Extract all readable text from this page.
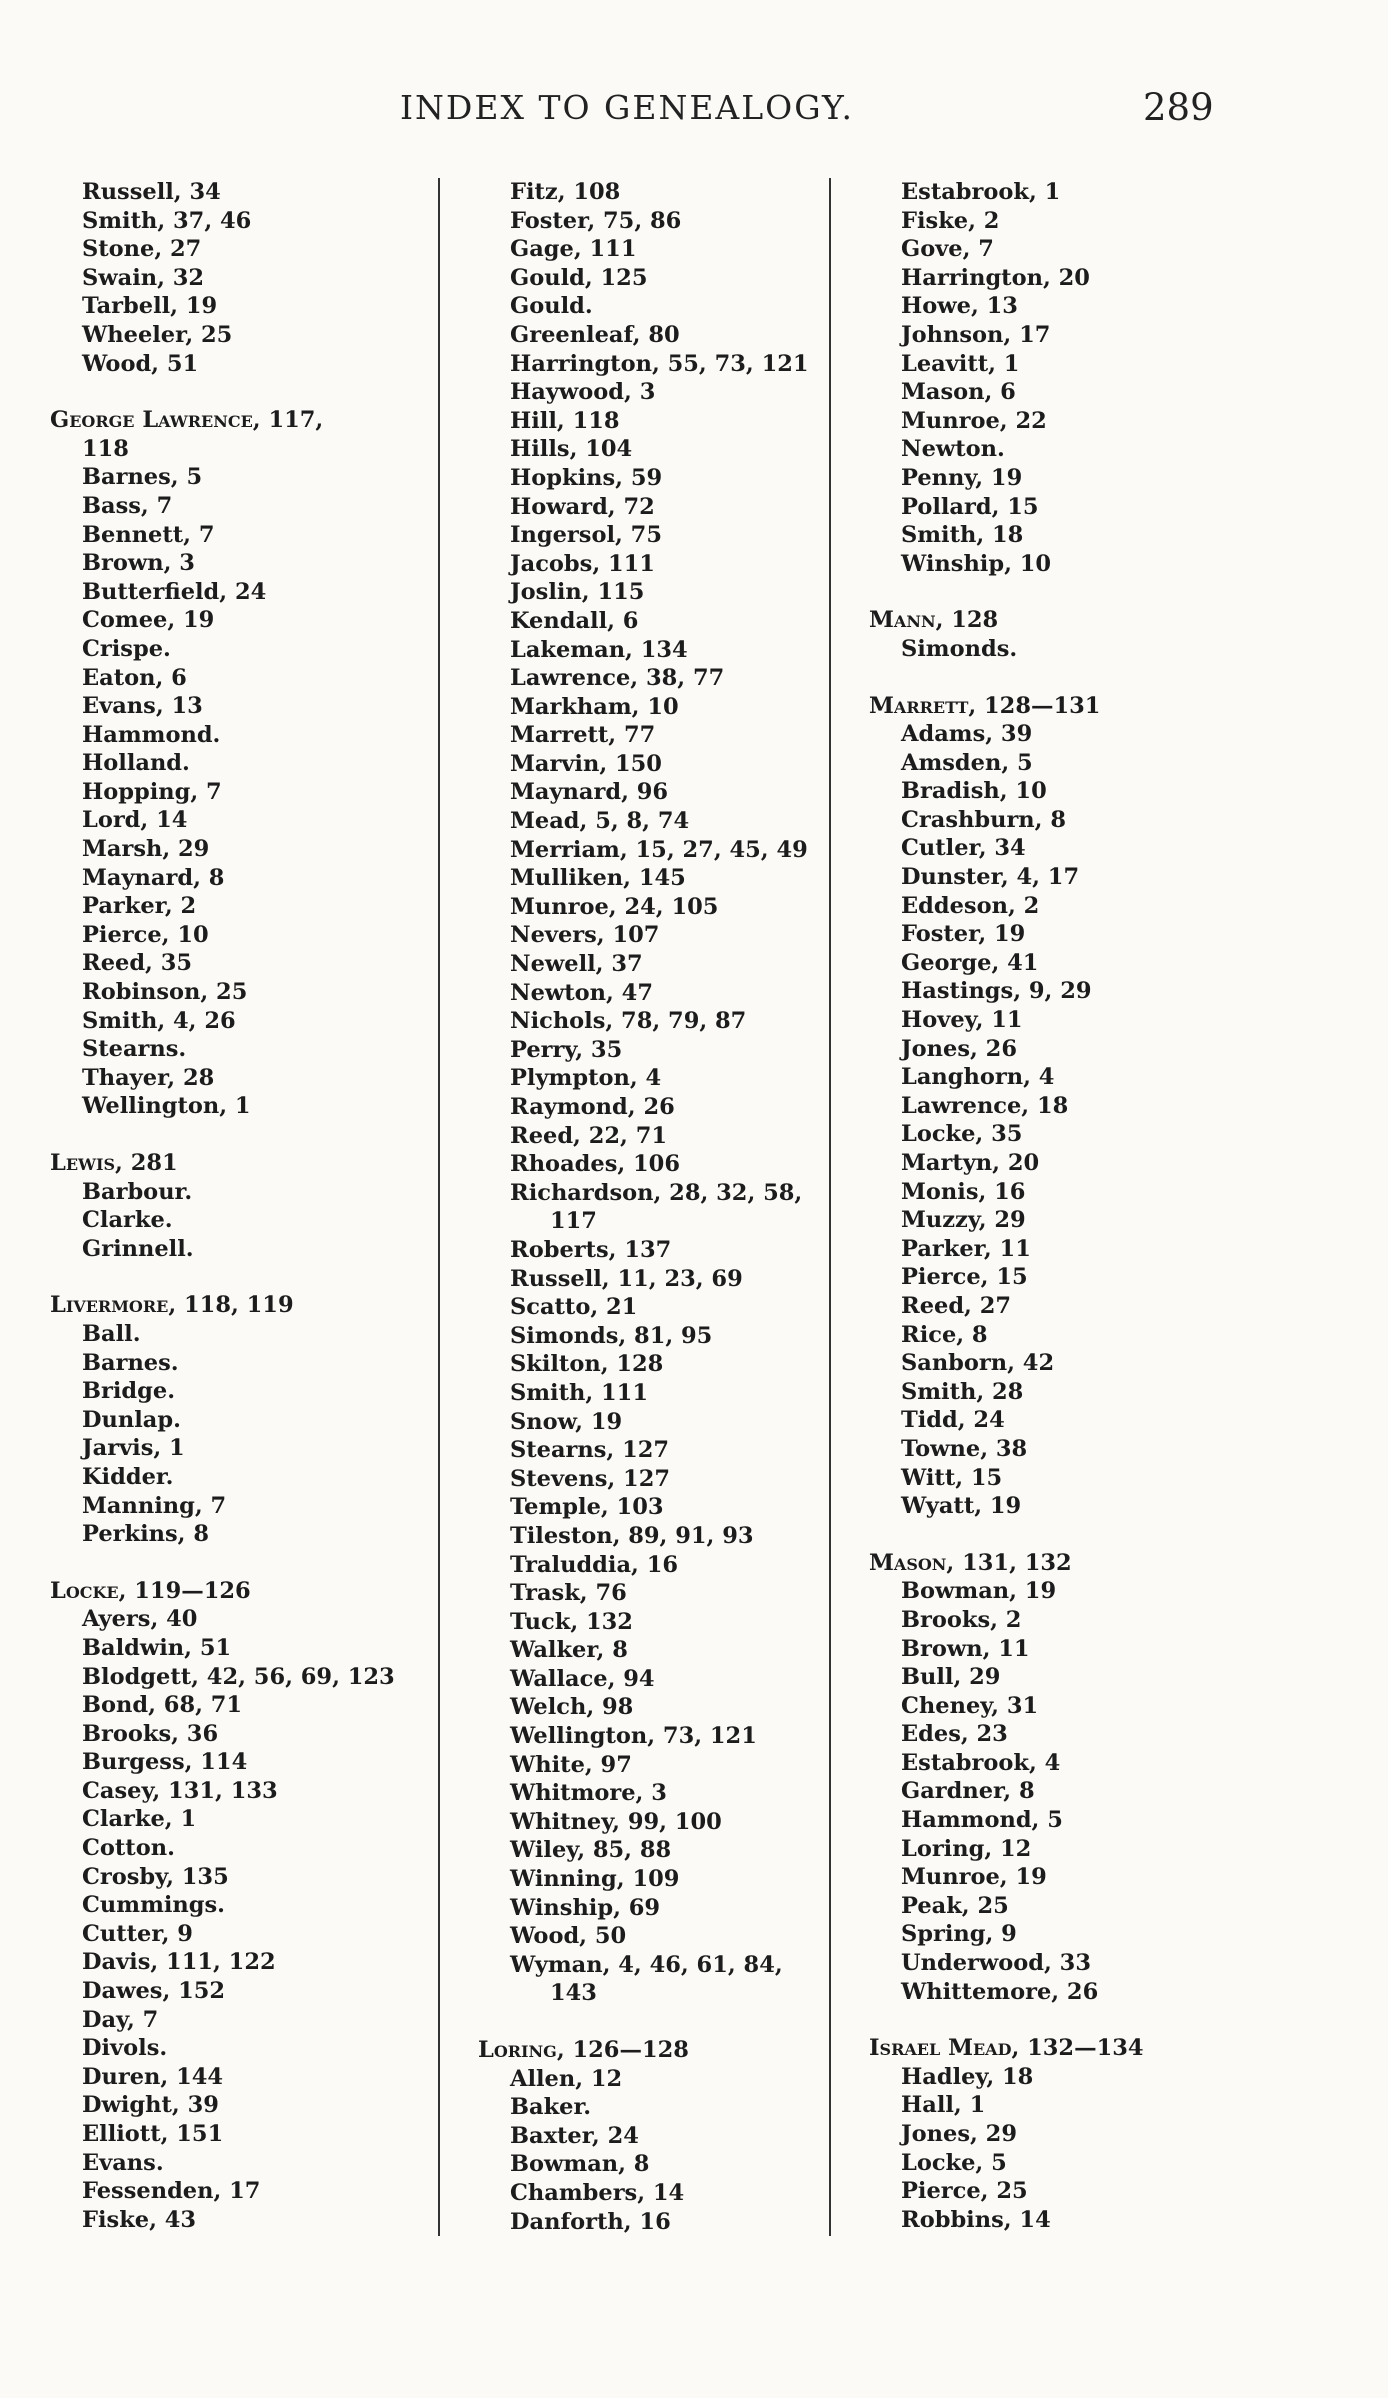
INDEX TO GENEALOGY.	289
Russell, 34
Smith, 37, 46
Stone, 27
Swain, 32
Tarbell, 19
Wheeler, 25
Wood, 51
George Lawrence, 117,
118
Barnes, 5
Bass, 7
Bennett, 7
Brown, 3
Butterfield, 24
Comee, 19
Crispe.
Eaton, 6
Evans, 13
Hammond.
Holland.
Hopping, 7
Lord, 14
Marsh, 29
Maynard, 8
Parker, 2
Pierce, 10
Reed, 35
Robinson, 25
Smith, 4, 26
Stearns.
Thayer, 28
Wellington, 1
Lewis, 281
Barbour.
Clarke.
Grinnell.
Livermore, 118, 119
Ball.
Barnes.
Bridge.
Dunlap.
Jarvis, 1
Kidder.
Manning, 7
Perkins, 8
Locke, 119—126
Ayers, 40
Baldwin, 51
Blodgett, 42, 56, 69, 123
Bond, 68, 71
Brooks, 36
Burgess, 114
Casey, 131, 133
Clarke, 1
Cotton.
Crosby, 135
Cummings.
Cutter, 9
Davis, 111, 122
Dawes, 152
Day, 7
Divols.
Duren, 144
Dwight, 39
Elliott, 151
Evans.
Fessenden, 17
Fiske, 43
Fitz, 108
Foster, 75, 86
Gage, 111
Gould, 125
Gould.
Greenleaf, 80
Harrington, 55, 73, 121
Haywood, 3
Hill, 118
Hills, 104
Hopkins, 59
Howard, 72
Ingersol, 75
Jacobs, 111
Joslin, 115
Kendall, 6
Lakeman, 134
Lawrence, 38, 77
Markham, 10
Marrett, 77
Marvin, 150
Maynard, 96
Mead, 5, 8, 74
Merriam, 15, 27, 45, 49
Mulliken, 145
Munroe, 24, 105
Nevers, 107
Newell, 37
Newton, 47
Nichols, 78, 79, 87
Perry, 35
Plympton, 4
Raymond, 26
Reed, 22, 71
Rhoades, 106
Richardson, 28, 32, 58,
117
Roberts, 137
Russell, 11, 23, 69
Scatto, 21
Simonds, 81, 95
Skilton, 128
Smith, 111
Snow, 19
Stearns, 127
Stevens, 127
Temple, 103
Tileston, 89, 91, 93
Traluddia, 16
Trask, 76
Tuck, 132
Walker, 8
Wallace, 94
Welch, 98
Wellington, 73, 121
White, 97
Whitmore, 3
Whitney, 99, 100
Wiley, 85, 88
Winning, 109
Winship, 69
Wood, 50
Wyman, 4, 46, 61, 84,
143
Loring, 126—128
Allen, 12
Baker.
Baxter, 24
Bowman, 8
Chambers, 14
Danforth, 16
Estabrook, 1
Fiske, 2
Gove, 7
Harrington, 20
Howe, 13
Johnson, 17
Leavitt, 1
Mason, 6
Munroe, 22
Newton.
Penny, 19
Pollard, 15
Smith, 18
Winship, 10
Mann, 128
Simonds.
Marrett, 128—131
Adams, 39
Amsden, 5
Bradish, 10
Crashburn, 8
Cutler, 34
Dunster, 4, 17
Eddeson, 2
Foster, 19
George, 41
Hastings, 9, 29
Hovey, 11
Jones, 26
Langhorn, 4
Lawrence, 18
Locke, 35
Martyn, 20
Monis, 16
Muzzy, 29
Parker, 11
Pierce, 15
Reed, 27
Rice, 8
Sanborn, 42
Smith, 28
Tidd, 24
Towne, 38
Witt, 15
Wyatt, 19
Mason, 131, 132
Bowman, 19
Brooks, 2
Brown, 11
Bull, 29
Cheney, 31
Edes, 23
Estabrook, 4
Gardner, 8
Hammond, 5
Loring, 12
Munroe, 19
Peak, 25
Spring, 9
Underwood, 33
Whittemore, 26
Israel Mead, 132—134
Hadley, 18
Hall, 1
Jones, 29
Locke, 5
Pierce, 25
Robbins, 14
